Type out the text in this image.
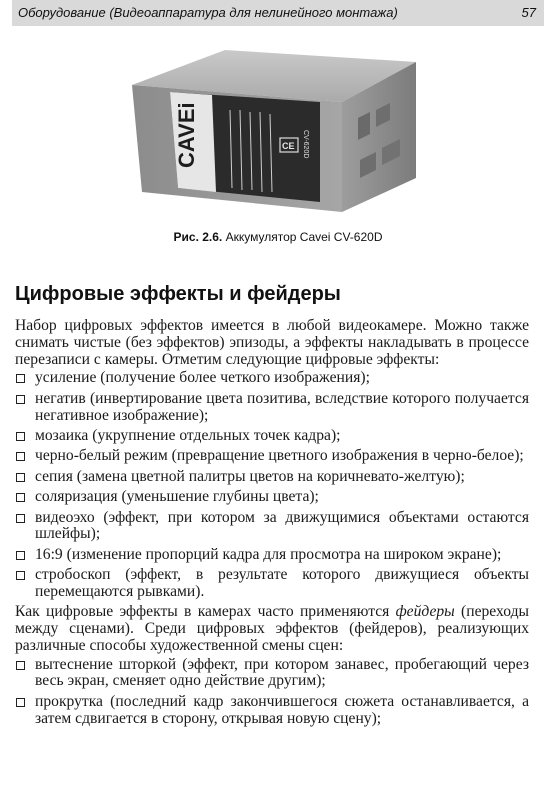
Оборудование (Видеоаппаратура для нелинейного монтажа)	57
CAVEi	CV-620D
CE
Рис. 2.6. Аккумулятор Cavei CV-620D
Цифровые эффекты и фейдеры

Набор цифровых эффектов имеется в любой видеокамере. Можно также снимать чистые (без эффектов) эпизоды, а эффекты накладывать в процессе перезаписи с камеры. Отметим следующие цифровые эффекты:

усиление (получение более четкого изображения);
негатив (инвертирование цвета позитива, вследствие которого получается негативное изображение);
мозаика (укрупнение отдельных точек кадра);
черно-белый режим (превращение цветного изображения в черно-белое);
сепия (замена цветной палитры цветов на коричневато-желтую);
соляризация (уменьшение глубины цвета);
видеоэхо (эффект, при котором за движущимися объектами остаются шлейфы);
16:9 (изменение пропорций кадра для просмотра на широком экране);
стробоскоп (эффект, в результате которого движущиеся объекты перемещаются рывками).

Как цифровые эффекты в камерах часто применяются фейдеры (переходы между сценами). Среди цифровых эффектов (фейдеров), реализующих различные способы художественной смены сцен:

вытеснение шторкой (эффект, при котором занавес, пробегающий через весь экран, сменяет одно действие другим);
прокрутка (последний кадр закончившегося сюжета останавливается, а затем сдвигается в сторону, открывая новую сцену);
